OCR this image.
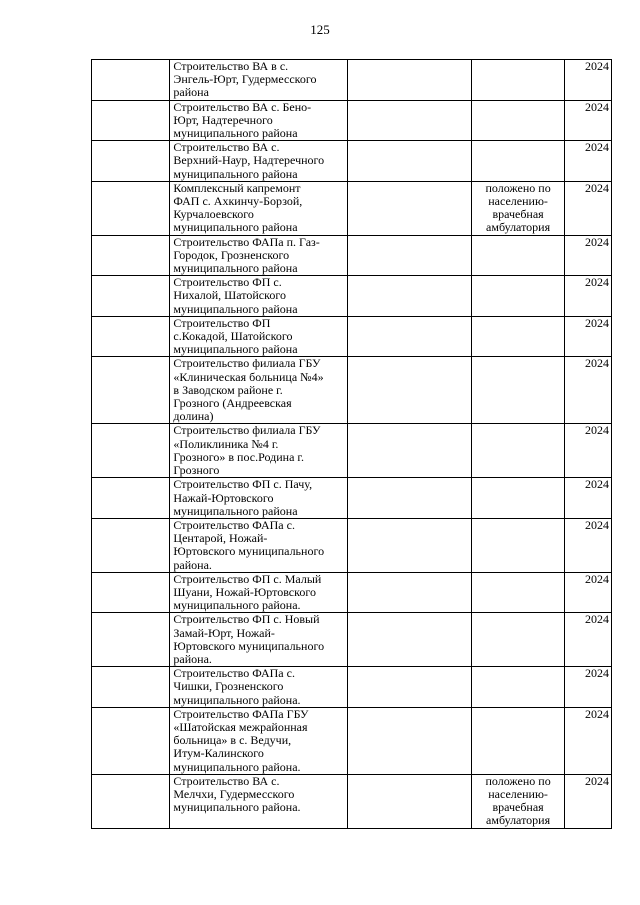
125

	Строительство ВА в с.
Энгель-Юрт, Гудермесского
района			2024

	Строительство ВА с. Бено-
Юрт, Надтеречного
муниципального района			2024

	Строительство ВА с.
Верхний-Наур, Надтеречного
муниципального района			2024

	Комплексный капремонт
ФАП с. Ахкинчу-Борзой,
Курчалоевского
муниципального района		положено по
населению-
врачебная
амбулатория	2024

	Строительство ФАПа п. Газ-
Городок, Грозненского
муниципального района			2024

	Строительство ФП с.
Нихалой, Шатойского
муниципального района			2024

	Строительство ФП
с.Кокадой, Шатойского
муниципального района			2024

	Строительство филиала ГБУ
«Клиническая больница №4»
в Заводском районе г.
Грозного (Андреевская
долина)			2024

	Строительство филиала ГБУ
«Поликлиника №4 г.
Грозного» в пос.Родина г.
Грозного			2024

	Строительство ФП с. Пачу,
Нажай-Юртовского
муниципального района			2024

	Строительство ФАПа с.
Центарой, Ножай-
Юртовского муниципального
района.			2024

	Строительство ФП с. Малый
Шуани, Ножай-Юртовского
муниципального района.			2024

	Строительство ФП с. Новый
Замай-Юрт, Ножай-
Юртовского муниципального
района.			2024

	Строительство ФАПа с.
Чишки, Грозненского
муниципального района.			2024

	Строительство ФАПа ГБУ
«Шатойская межрайонная
больница» в с. Ведучи,
Итум-Калинского
муниципального района.			2024

	Строительство ВА с.
Мелчхи, Гудермесского
муниципального района.		положено по
населению-
врачебная
амбулатория	2024
